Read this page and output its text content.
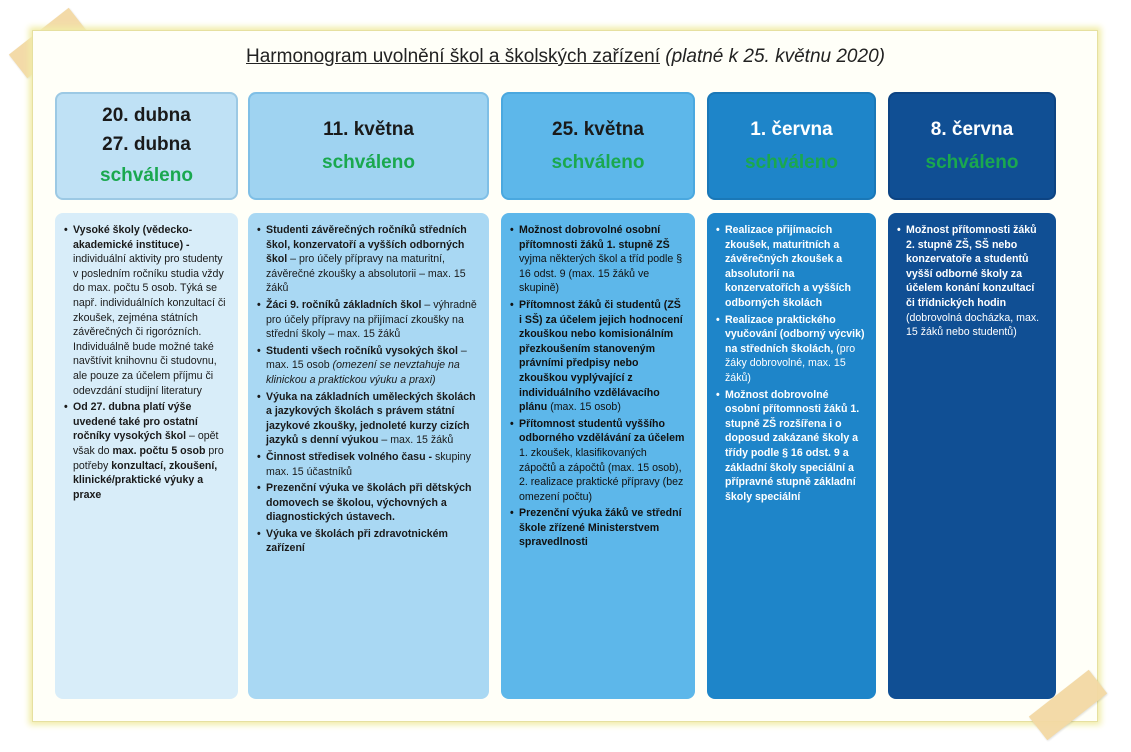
Harmonogram uvolnění škol a školských zařízení (platné k 25. květnu 2020)
20. dubna
27. dubna
schváleno
• Vysoké školy (vědecko-akademické instituce) - individuální aktivity pro studenty v posledním ročníku studia vždy do max. počtu 5 osob. Týká se např. individuálních konzultací či zkoušek, zejména státních závěrečných či rigorózních. Individuálně bude možné také navštívit knihovnu či studovnu, ale pouze za účelem příjmu či odevzdání studijní literatury
• Od 27. dubna platí výše uvedené také pro ostatní ročníky vysokých škol – opět však do max. počtu 5 osob pro potřeby konzultací, zkoušení, klinické/praktické výuky a praxe
11. května
schváleno
• Studenti závěrečných ročníků středních škol, konzervatoří a vyšších odborných škol – pro účely přípravy na maturitní, závěrečné zkoušky a absolutorii – max. 15 žáků
• Žáci 9. ročníků základních škol – výhradně pro účely přípravy na přijímací zkoušky na střední školy – max. 15 žáků
• Studenti všech ročníků vysokých škol – max. 15 osob (omezení se nevztahuje na klinickou a praktickou výuku a praxi)
• Výuka na základních uměleckých školách a jazykových školách s právem státní jazykové zkoušky, jednoleté kurzy cizích jazyků s denní výukou – max. 15 žáků
• Činnost středisek volného času - skupiny max. 15 účastníků
• Prezenční výuka ve školách při dětských domovech se školou, výchovných a diagnostických ústavech.
• Výuka ve školách při zdravotnickém zařízení
25. května
schváleno
• Možnost dobrovolné osobní přítomnosti žáků 1. stupně ZŠ vyjma některých škol a tříd podle § 16 odst. 9 (max. 15 žáků ve skupině)
• Přítomnost žáků či studentů (ZŠ i SŠ) za účelem jejich hodnocení zkouškou nebo komisionálním přezkoušením stanoveným právními předpisy nebo zkouškou vyplývající z individuálního vzdělávacího plánu (max. 15 osob)
• Přítomnost studentů vyššího odborného vzdělávání za účelem 1. zkoušek, klasifikovaných zápočtů a zápočtů (max. 15 osob), 2. realizace praktické přípravy (bez omezení počtu)
• Prezenční výuka žáků ve střední škole zřízené Ministerstvem spravedlnosti
1. června
schváleno
• Realizace přijímacích zkoušek, maturitních a závěrečných zkoušek a absolutorií na konzervatořích a vyšších odborných školách
• Realizace praktického vyučování (odborný výcvik) na středních školách, (pro žáky dobrovolné, max. 15 žáků)
• Možnost dobrovolné osobní přítomnosti žáků 1. stupně ZŠ rozšířena i o doposud zakázané školy a třídy podle § 16 odst. 9 a základní školy speciální a přípravné stupně základní školy speciální
8. června
schváleno
• Možnost přítomnosti žáků 2. stupně ZŠ, SŠ nebo konzervatoře a studentů vyšší odborné školy za účelem konání konzultací či třídnických hodin (dobrovolná docházka, max. 15 žáků nebo studentů)
